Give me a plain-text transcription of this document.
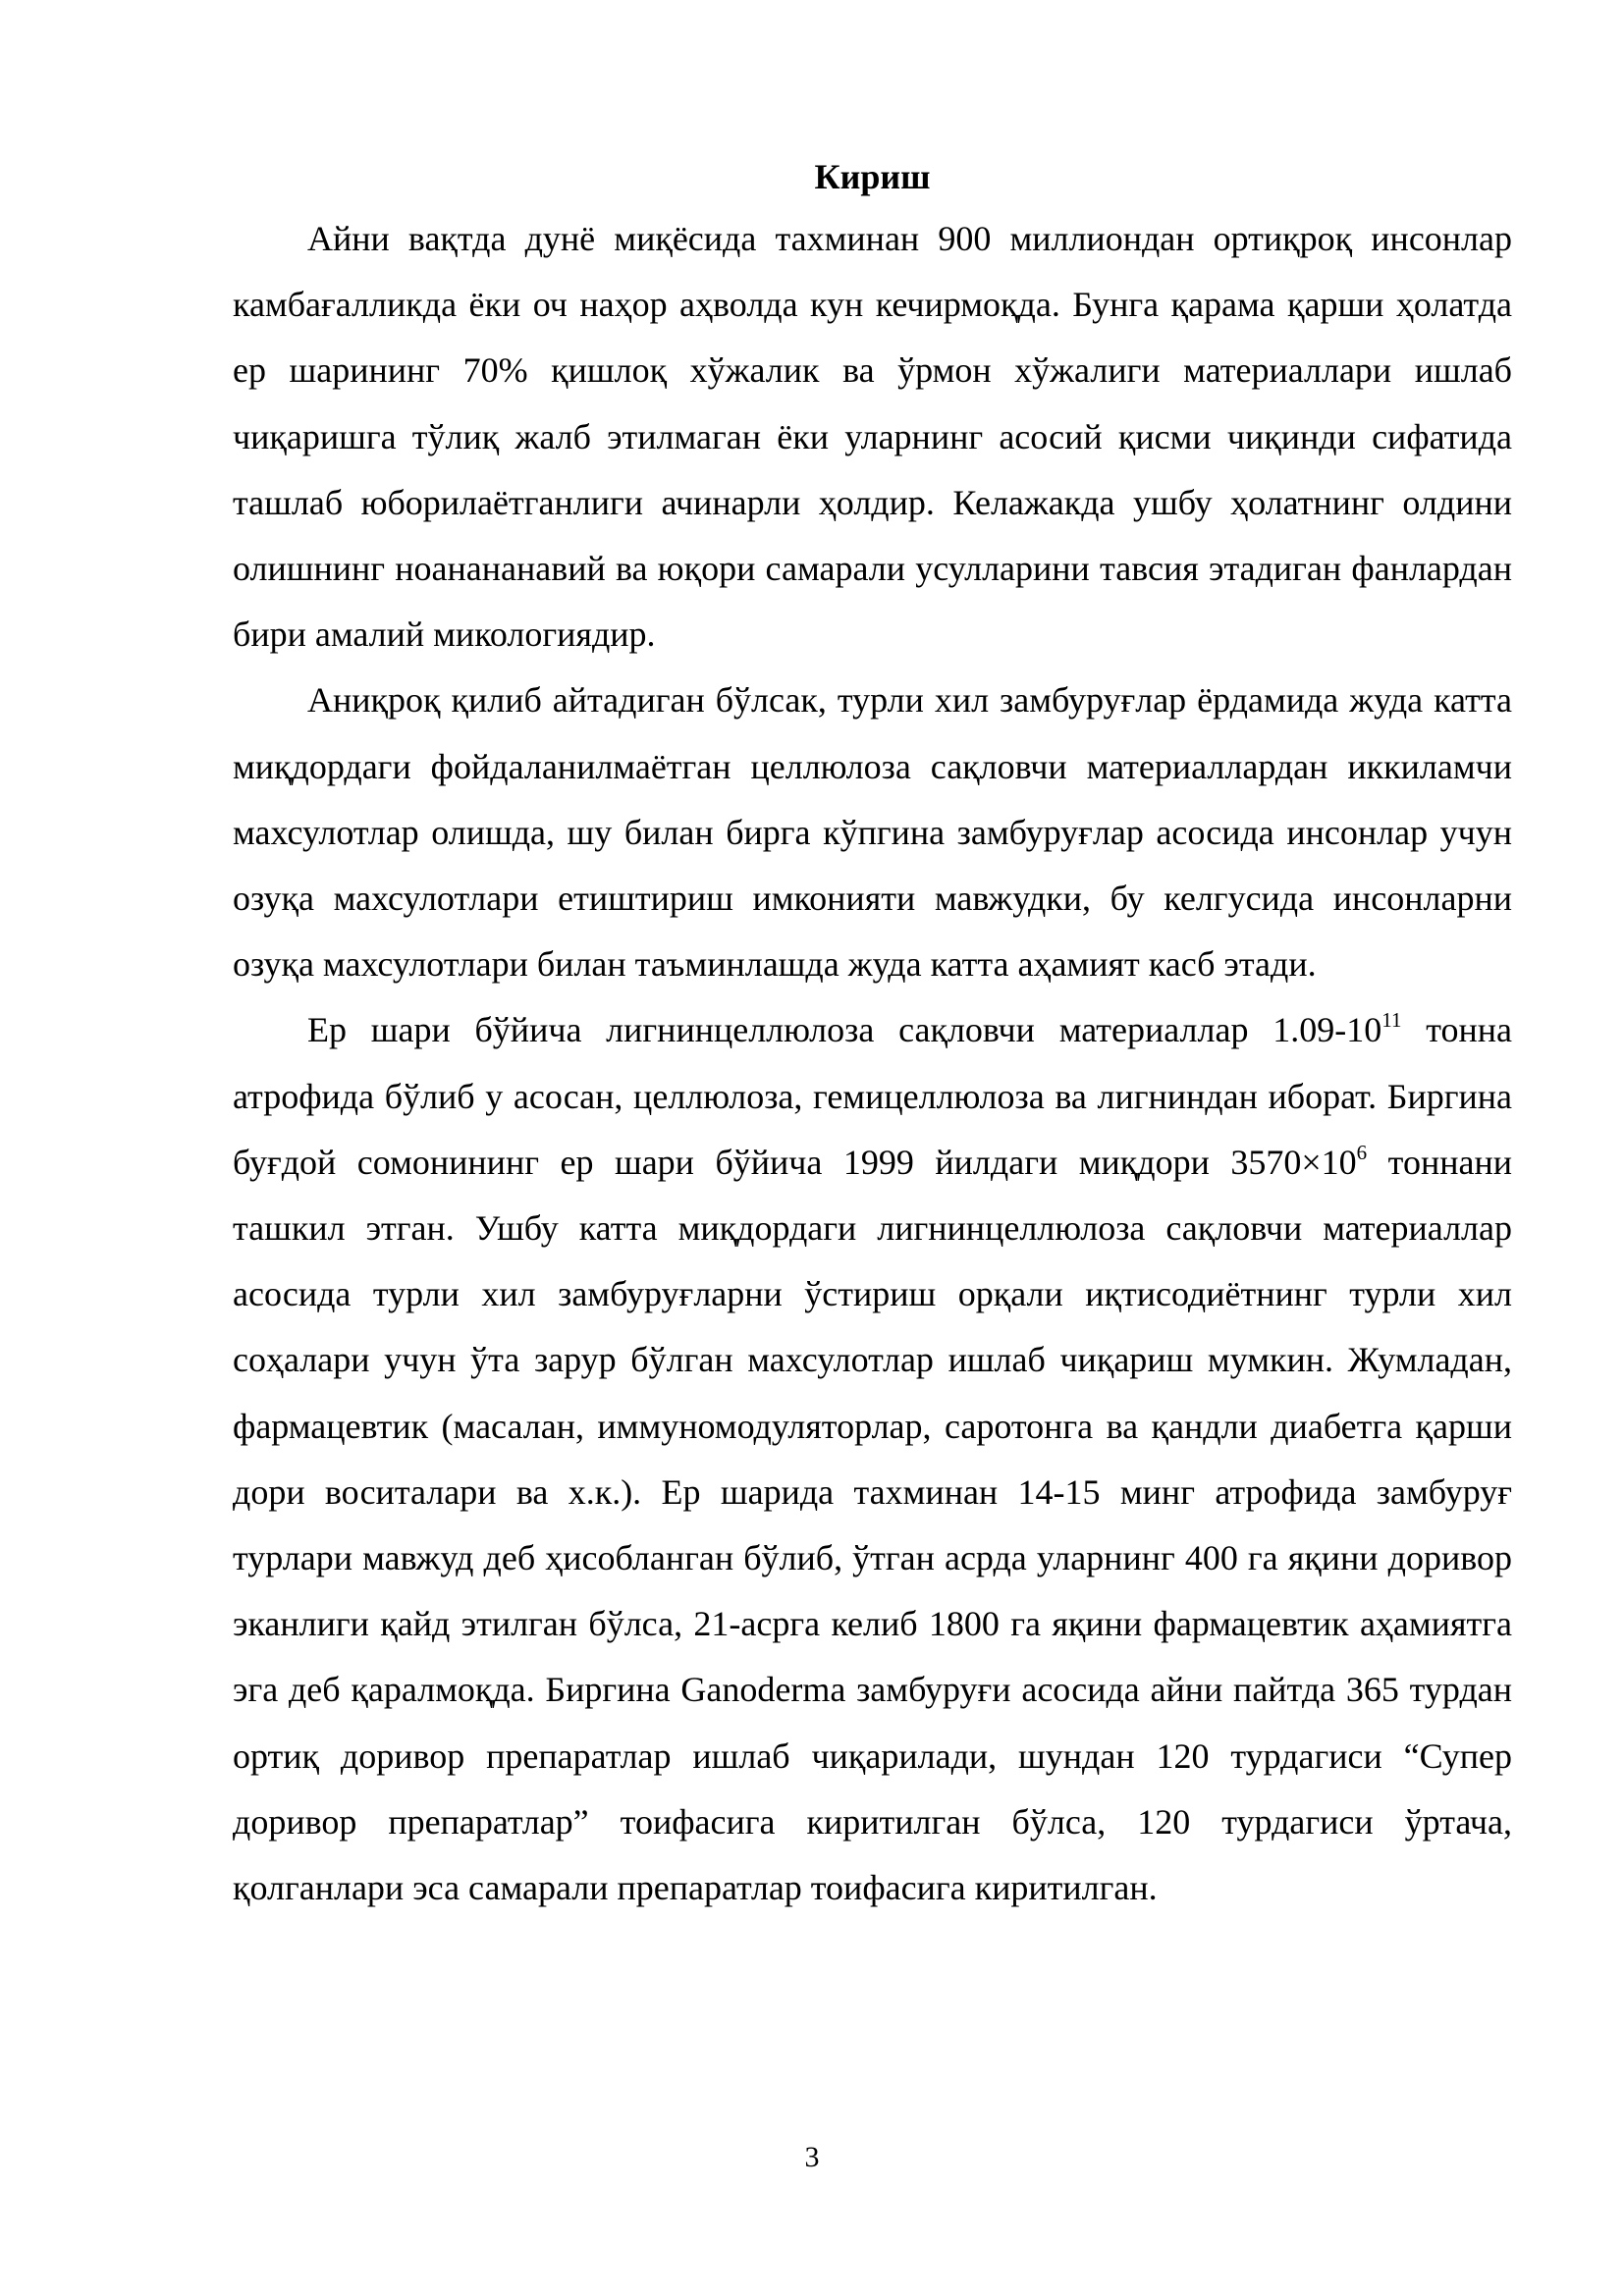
Кириш

Айни вақтда дунё миқёсида тахминан 900 миллиондан ортиқроқ инсонлар камбағалликда ёки оч наҳор аҳволда кун кечирмоқда. Бунга қарама қарши ҳолатда ер шарининг 70% қишлоқ хўжалик ва ўрмон хўжалиги материаллари ишлаб чиқаришга тўлиқ жалб этилмаган ёки уларнинг асосий қисми чиқинди сифатида ташлаб юборилаётганлиги ачинарли ҳолдир. Келажакда ушбу ҳолатнинг олдини олишнинг ноанананавий ва юқори самарали усулларини тавсия этадиган фанлардан бири амалий микологиядир.

Аниқроқ қилиб айтадиган бўлсак, турли хил замбуруғлар ёрдамида жуда катта миқдордаги фойдаланилмаётган целлюлоза сақловчи материаллардан иккиламчи махсулотлар олишда, шу билан бирга кўпгина замбуруғлар асосида инсонлар учун озуқа махсулотлари етиштириш имконияти мавжудки, бу келгусида инсонларни озуқа махсулотлари билан таъминлашда жуда катта аҳамият касб этади.

Ер шари бўйича лигнинцеллюлоза сақловчи материаллар $1.09-10^{11}$ тонна атрофида бўлиб у асосан, целлюлоза, гемицеллюлоза ва лигниндан иборат. Биргина буғдой сомонининг ер шари бўйича 1999 йилдаги миқдори $3570\times 10^6$ тоннани ташкил этган. Ушбу катта миқдордаги лигнинцеллюлоза сақловчи материаллар асосида турли хил замбуруғларни ўстириш орқали иқтисодиётнинг турли хил соҳалари учун ўта зарур бўлган махсулотлар ишлаб чиқариш мумкин. Жумладан, фармацевтик (масалан, иммуномодуляторлар, саротонга ва қандли диабетга қарши дори воситалари ва х.к.). Ер шарида тахминан 14-15 минг атрофида замбуруғ турлари мавжуд деб ҳисобланган бўлиб, ўтган асрда уларнинг 400 га яқини доривор эканлиги қайд этилган бўлса, 21-асрга келиб 1800 га яқини фармацевтик аҳамиятга эга деб қаралмоқда. Биргина Ganoderma замбуруғи асосида айни пайтда 365 турдан ортиқ доривор препаратлар ишлаб чиқарилади, шундан 120 турдагиси “Супер доривор препаратлар” тоифасига киритилган бўлса, 120 турдагиси ўртача, қолганлари эса самарали препаратлар тоифасига киритилган.

3
